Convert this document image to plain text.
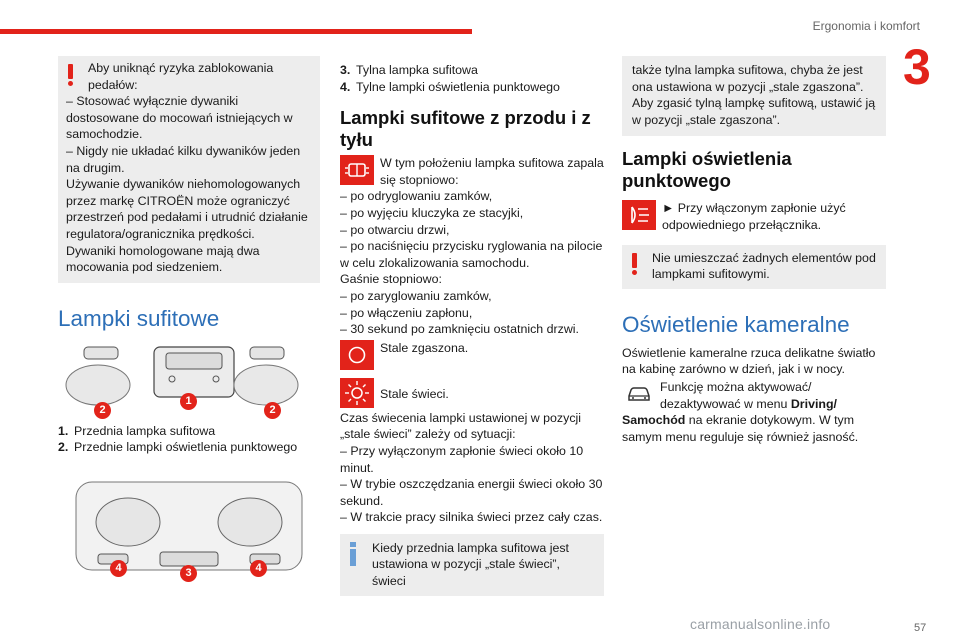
Ergonomia i komfort
3
57
carmanualsonline.info

Aby uniknąć ryzyka zablokowania pedałów:

– Stosować wyłącznie dywaniki dostosowane do mocowań istniejących w samochodzie.

– Nigdy nie układać kilku dywaników jeden na drugim.

Używanie dywaników niehomologowanych przez markę CITROËN może ograniczyć przestrzeń pod pedałami i utrudnić działanie regulatora/ogranicznika prędkości.

Dywaniki homologowane mają dwa mocowania pod siedzeniem.

Lampki sufitowe
2
1
2
1. Przednia lampka sufitowa
2. Przednie lampki oświetlenia punktowego
4	3	4
3. Tylna lampka sufitowa
4. Tylne lampki oświetlenia punktowego
Lampki sufitowe z przodu i z tyłu
W tym położeniu lampka sufitowa zapala się stopniowo:

– po odryglowaniu zamków,

– po wyjęciu kluczyka ze stacyjki,

– po otwarciu drzwi,

– po naciśnięciu przycisku ryglowania na pilocie w celu zlokalizowania samochodu.

Gaśnie stopniowo:

– po zaryglowaniu zamków,

– po włączeniu zapłonu,

– 30 sekund po zamknięciu ostatnich drzwi.

Stale zgaszona.
Stale świeci.

Czas świecenia lampki ustawionej w pozycji „stale świeci” zależy od sytuacji:

– Przy wyłączonym zapłonie świeci około 10 minut.

– W trybie oszczędzania energii świeci około 30 sekund.

– W trakcie pracy silnika świeci przez cały czas.

Kiedy przednia lampka sufitowa jest ustawiona w pozycji „stale świeci”, świeci

także tylna lampka sufitowa, chyba że jest ona ustawiona w pozycji „stale zgaszona”. Aby zgasić tylną lampkę sufitową, ustawić ją w pozycji „stale zgaszona”.

Lampki oświetlenia punktowego
► Przy włączonym zapłonie użyć odpowiedniego przełącznika.

Nie umieszczać żadnych elementów pod lampkami sufitowymi.

Oświetlenie kameralne

Oświetlenie kameralne rzuca delikatne światło na kabinę zarówno w dzień, jak i w nocy.

Funkcję można aktywować/ dezaktywować w menu Driving/ Samochód na ekranie dotykowym. W tym samym menu reguluje się również jasność.
